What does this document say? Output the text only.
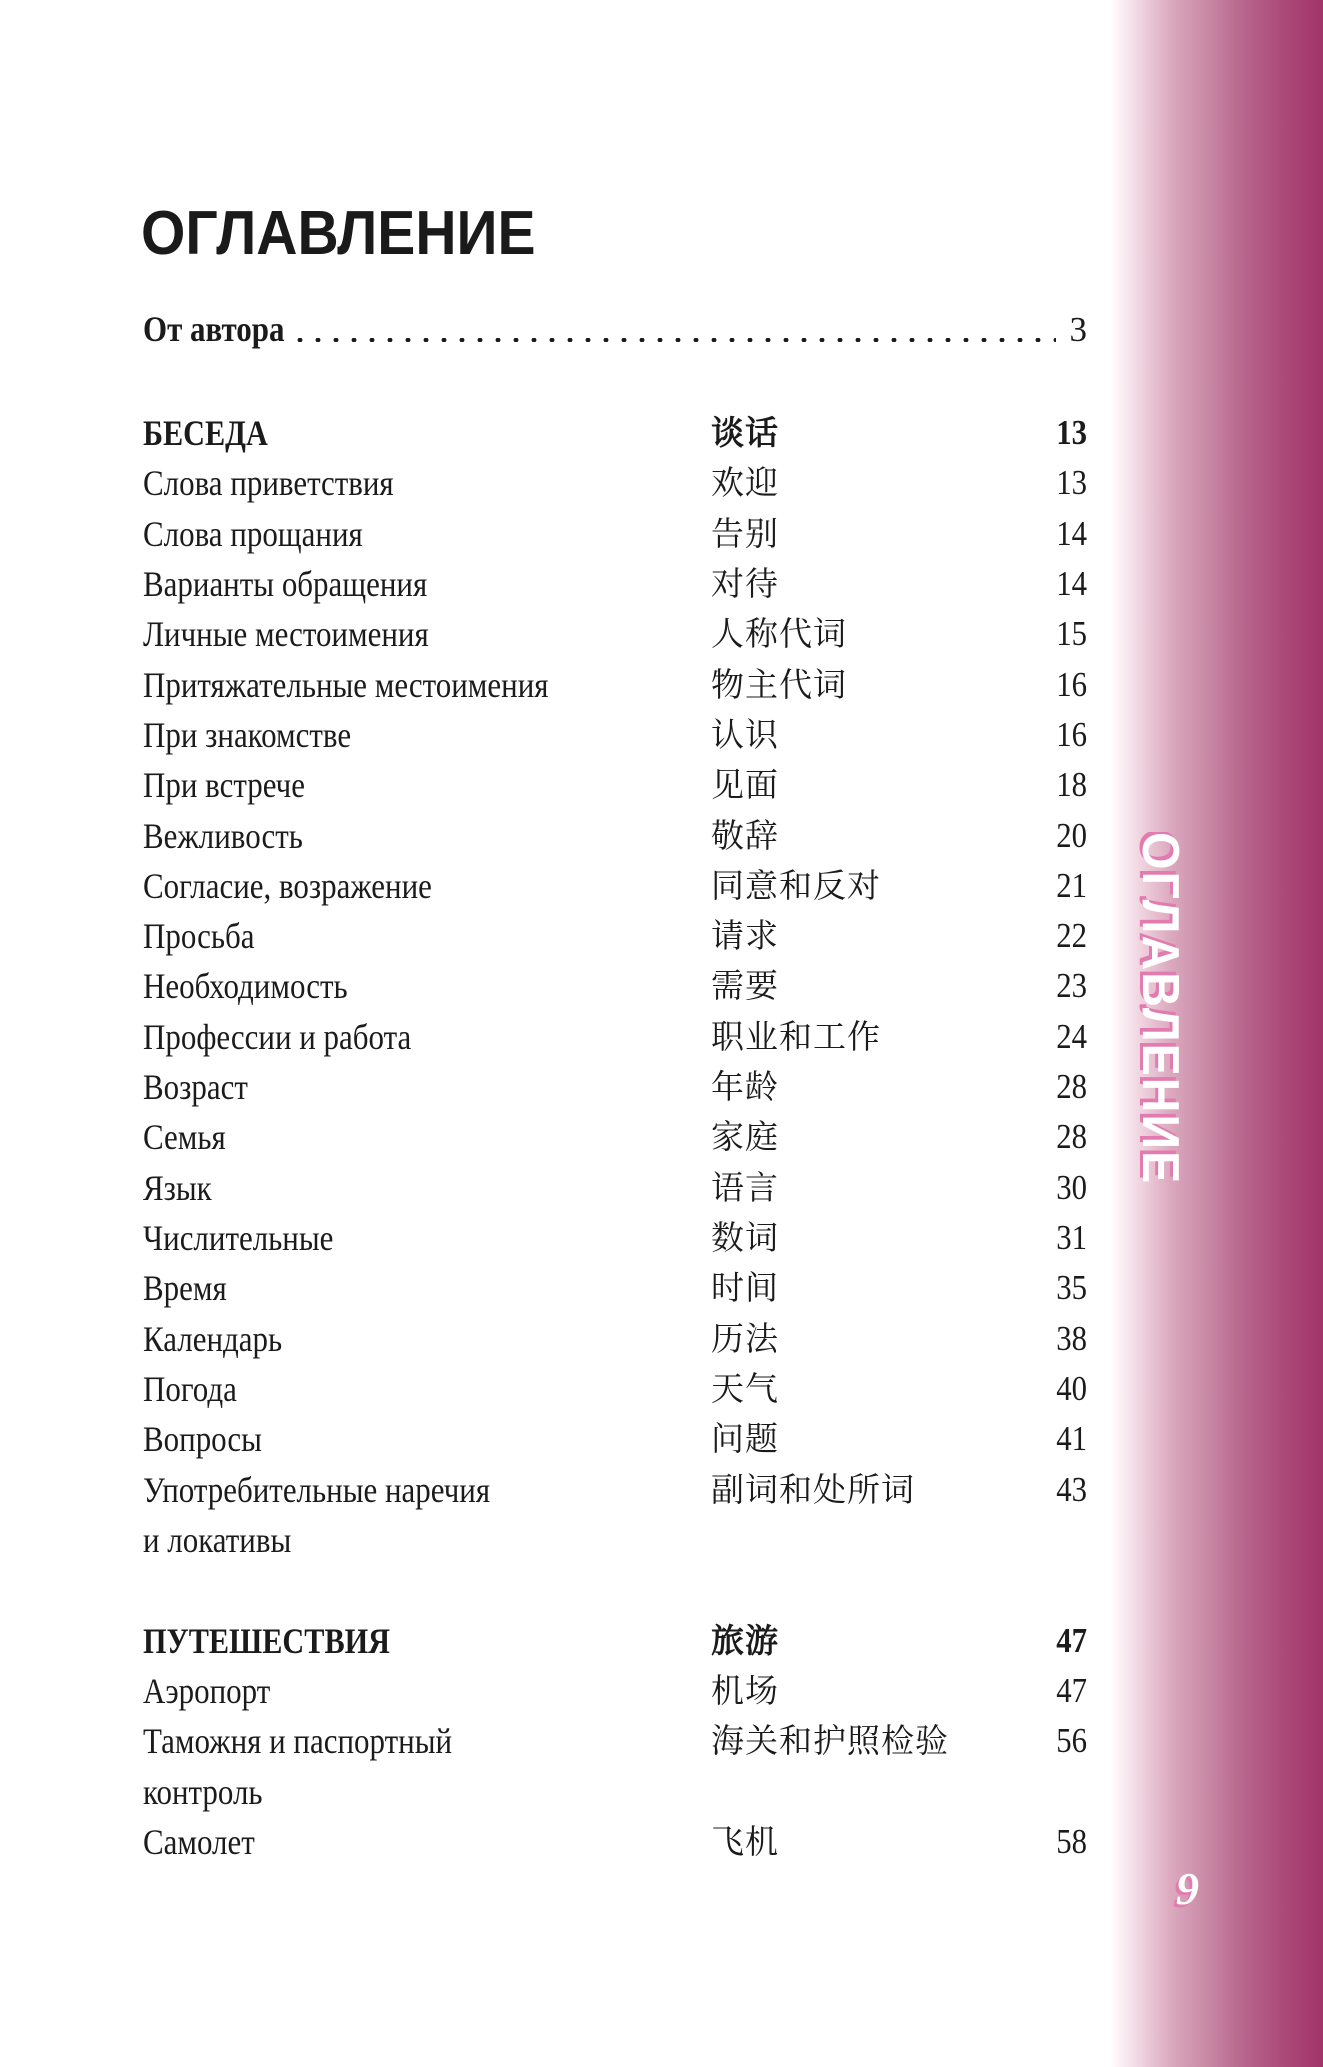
ОГЛАВЛЕНИЕ
9
ОГЛАВЛЕНИЕ
От автора	3
БЕСЕДА	谈话	13
Слова приветствия	欢迎	13
Слова прощания	告别	14
Варианты обращения	对待	14
Личные местоимения	人称代词	15
Притяжательные местоимения	物主代词	16
При знакомстве	认识	16
При встрече	见面	18
Вежливость	敬辞	20
Согласие, возражение	同意和反对	21
Просьба	请求	22
Необходимость	需要	23
Профессии и работа	职业和工作	24
Возраст	年龄	28
Семья	家庭	28
Язык	语言	30
Числительные	数词	31
Время	时间	35
Календарь	历法	38
Погода	天气	40
Вопросы	问题	41
Употребительные наречия	副词和处所词	43
и локативы
ПУТЕШЕСТВИЯ	旅游	47
Аэропорт	机场	47
Таможня и паспортный	海关和护照检验	56
контроль
Самолет	飞机	58
